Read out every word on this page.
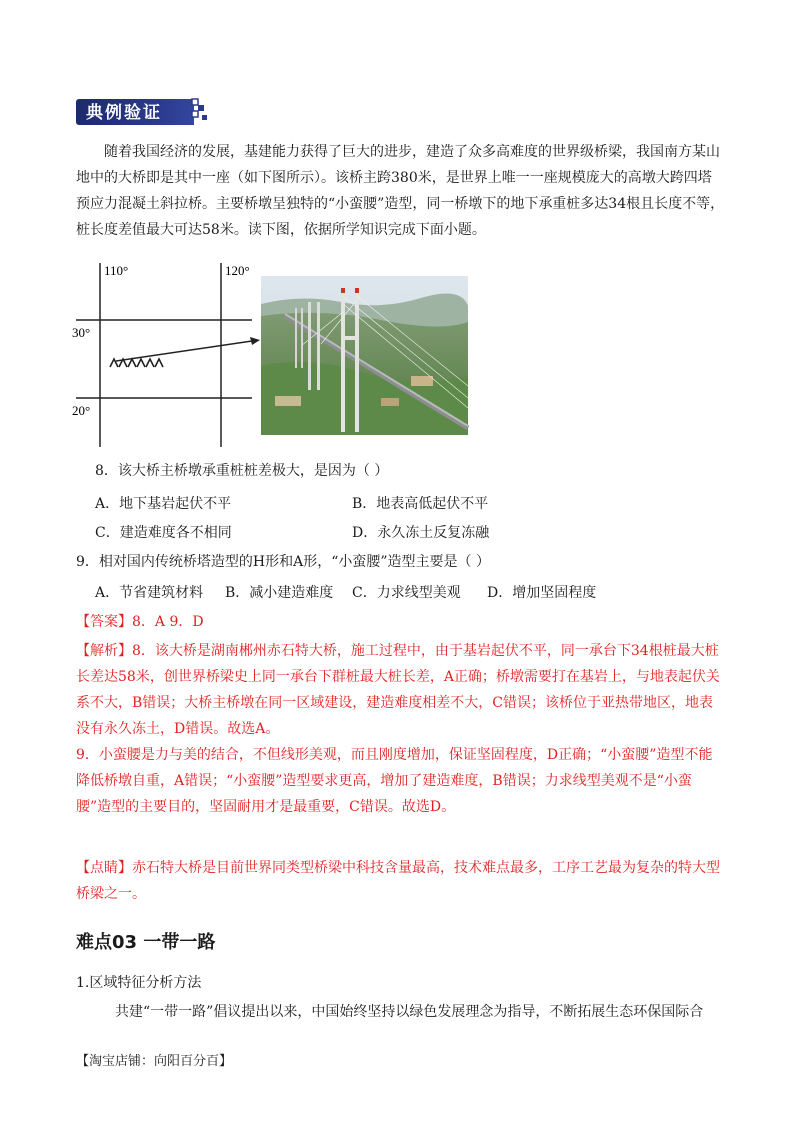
典例验证
随着我国经济的发展，基建能力获得了巨大的进步，建造了众多高难度的世界级桥梁，我国南方某山
地中的大桥即是其中一座（如下图所示）。该桥主跨380米，是世界上唯一一座规模庞大的高墩大跨四塔
预应力混凝土斜拉桥。主要桥墩呈独特的“小蛮腰”造型，同一桥墩下的地下承重桩多达34根且长度不等，
桩长度差值最大可达58米。读下图，依据所学知识完成下面小题。
110°	120°
30°
20°
8．该大桥主桥墩承重桩桩差极大，是因为（ ）
A．地下基岩起伏不平	B．地表高低起伏不平
C．建造难度各不相同	D．永久冻土反复冻融
9．相对国内传统桥塔造型的H形和A形，“小蛮腰”造型主要是（ ）
A．节省建筑材料 B．减小建造难度 C．力求线型美观 D．增加坚固程度
【答案】8．A 9．D
【解析】8．该大桥是湖南郴州赤石特大桥，施工过程中，由于基岩起伏不平，同一承台下34根桩最大桩
长差达58米，创世界桥梁史上同一承台下群桩最大桩长差，A正确；桥墩需要打在基岩上，与地表起伏关
系不大，B错误；大桥主桥墩在同一区域建设，建造难度相差不大，C错误；该桥位于亚热带地区，地表
没有永久冻土，D错误。故选A。
9．小蛮腰是力与美的结合，不但线形美观，而且刚度增加，保证坚固程度，D正确；“小蛮腰”造型不能
降低桥墩自重，A错误；“小蛮腰”造型要求更高，增加了建造难度，B错误；力求线型美观不是“小蛮
腰”造型的主要目的，坚固耐用才是最重要，C错误。故选D。
【点睛】赤石特大桥是目前世界同类型桥梁中科技含量最高，技术难点最多，工序工艺最为复杂的特大型
桥梁之一。
难点03 一带一路
1.区域特征分析方法
共建“一带一路”倡议提出以来，中国始终坚持以绿色发展理念为指导，不断拓展生态环保国际合
【淘宝店铺：向阳百分百】
